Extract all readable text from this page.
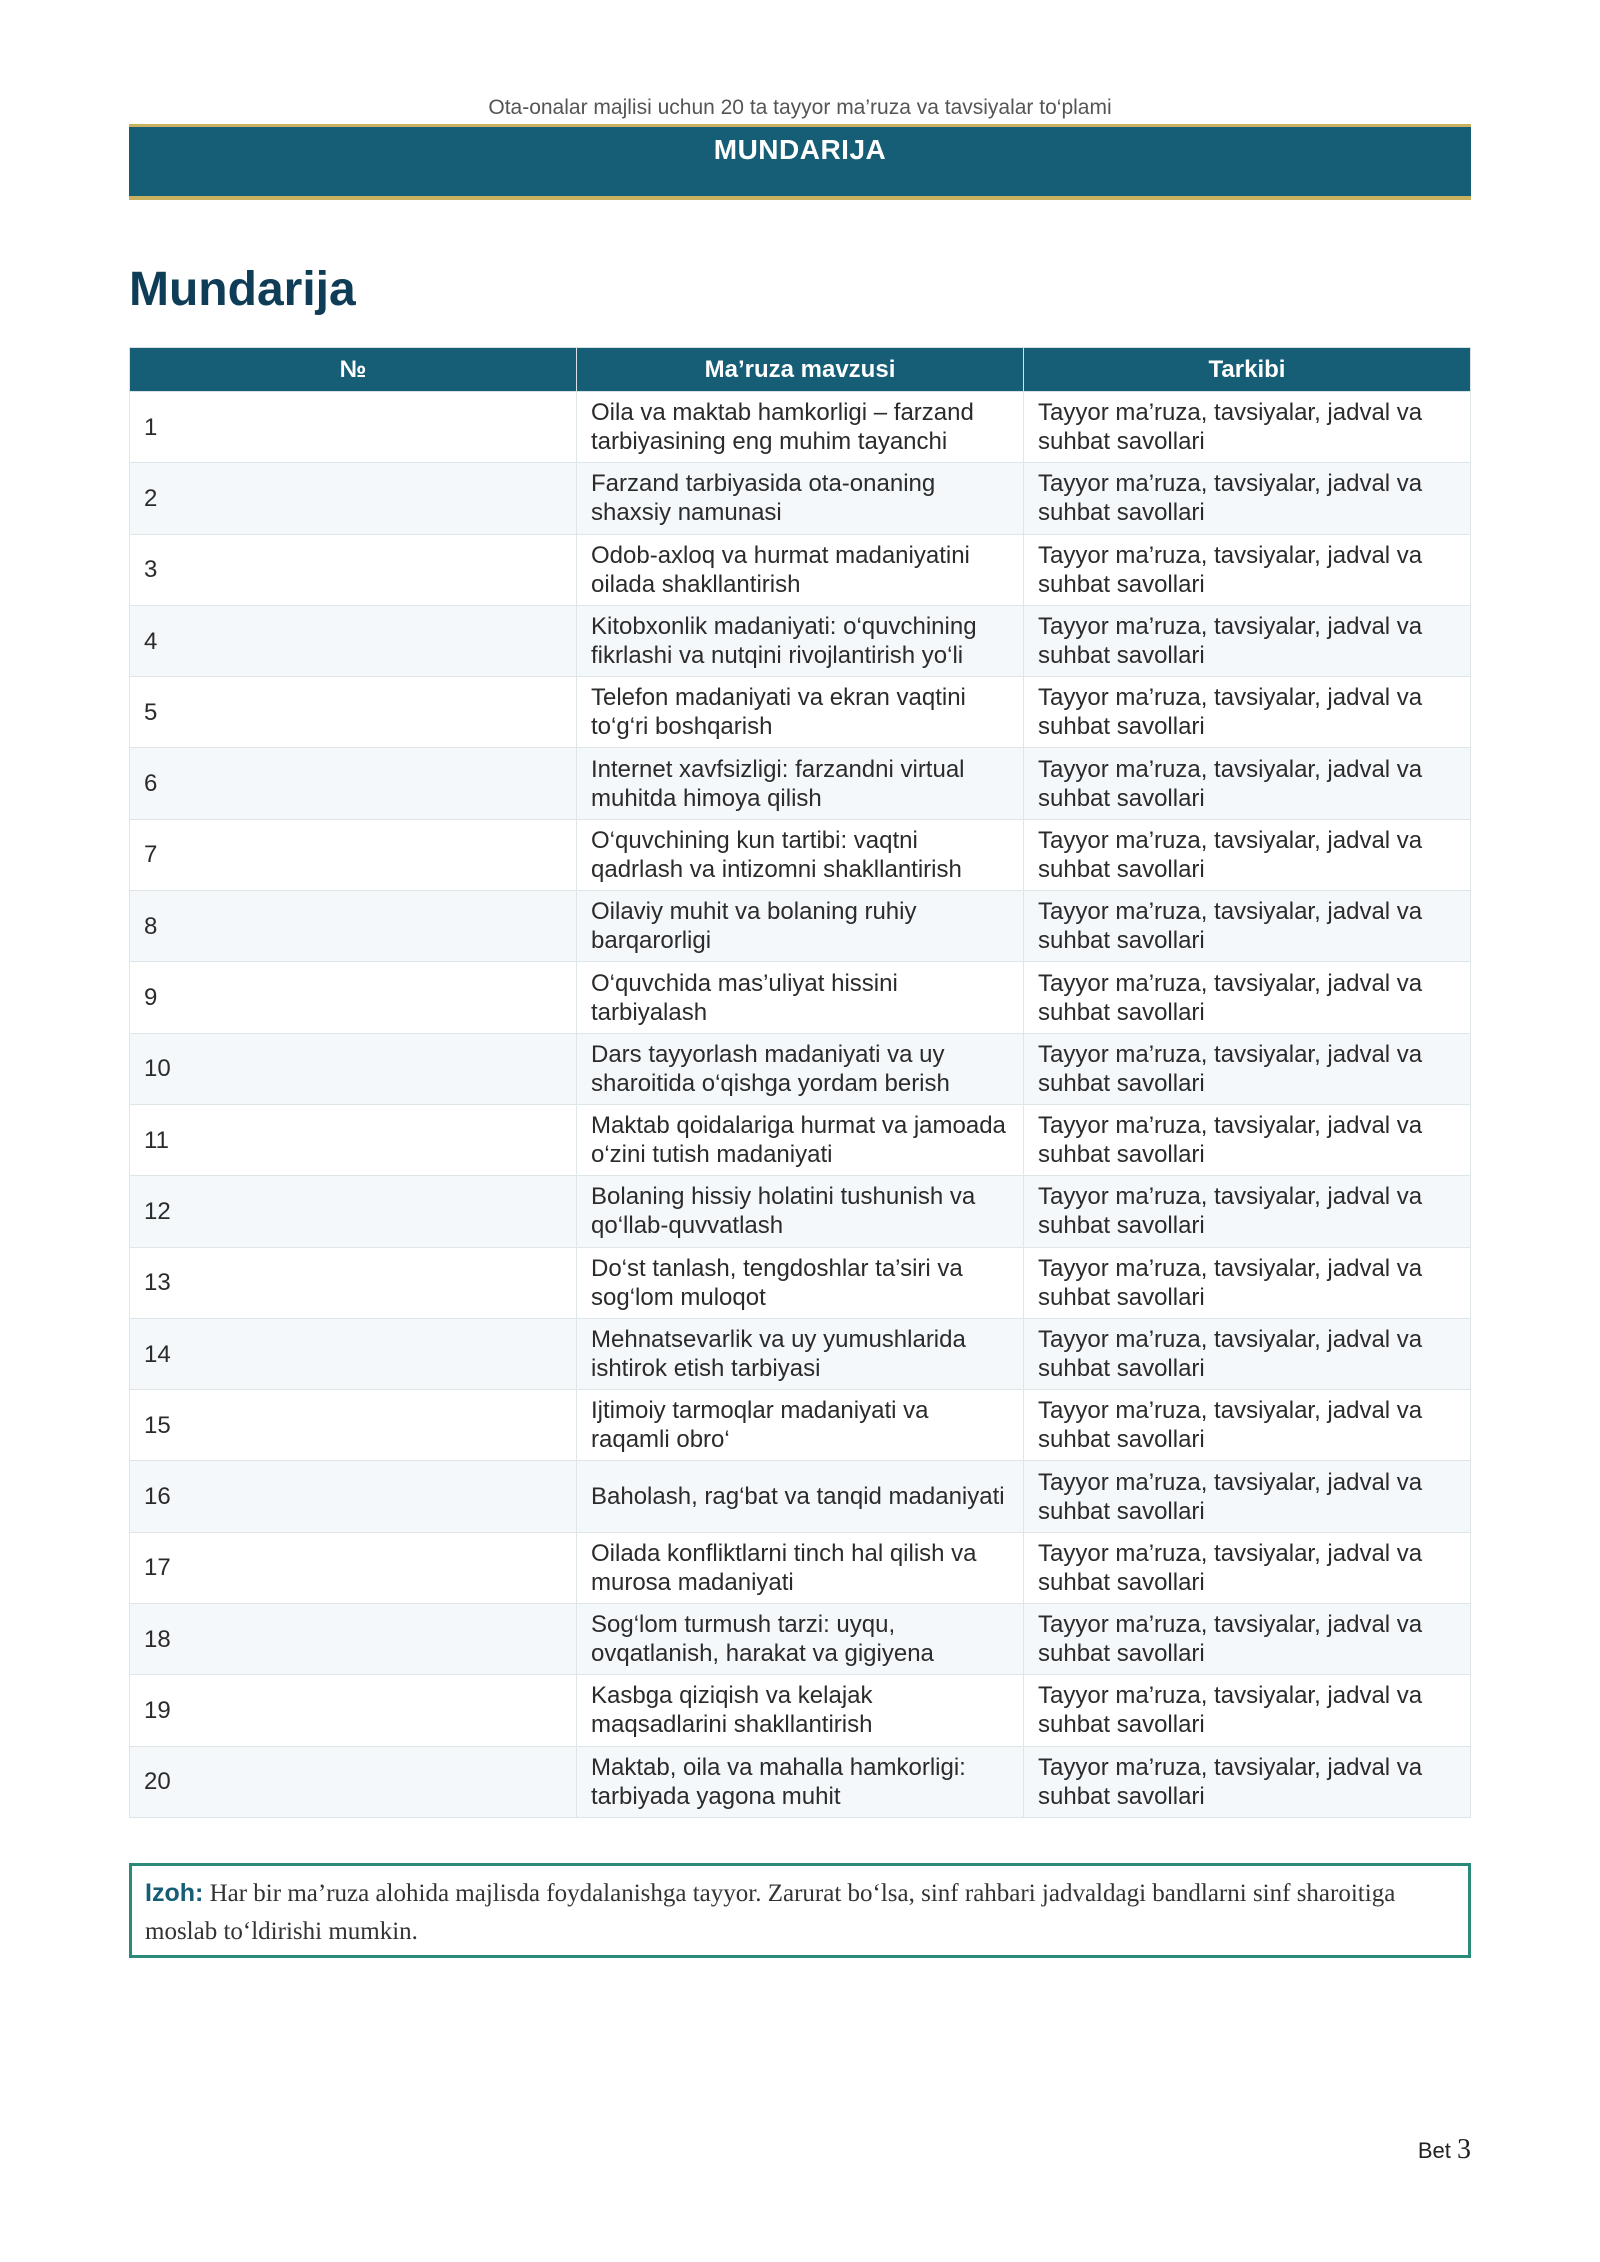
Ota-onalar majlisi uchun 20 ta tayyor ma’ruza va tavsiyalar to‘plami
MUNDARIJA
Mundarija
№	Ma’ruza mavzusi	Tarkibi
1	Oila va maktab hamkorligi – farzand tarbiyasining eng muhim tayanchi	Tayyor ma’ruza, tavsiyalar, jadval va suhbat savollari
2	Farzand tarbiyasida ota-onaning shaxsiy namunasi	Tayyor ma’ruza, tavsiyalar, jadval va suhbat savollari
3	Odob-axloq va hurmat madaniyatini oilada shakllantirish	Tayyor ma’ruza, tavsiyalar, jadval va suhbat savollari
4	Kitobxonlik madaniyati: o‘quvchining fikrlashi va nutqini rivojlantirish yo‘li	Tayyor ma’ruza, tavsiyalar, jadval va suhbat savollari
5	Telefon madaniyati va ekran vaqtini to‘g‘ri boshqarish	Tayyor ma’ruza, tavsiyalar, jadval va suhbat savollari
6	Internet xavfsizligi: farzandni virtual muhitda himoya qilish	Tayyor ma’ruza, tavsiyalar, jadval va suhbat savollari
7	O‘quvchining kun tartibi: vaqtni qadrlash va intizomni shakllantirish	Tayyor ma’ruza, tavsiyalar, jadval va suhbat savollari
8	Oilaviy muhit va bolaning ruhiy barqarorligi	Tayyor ma’ruza, tavsiyalar, jadval va suhbat savollari
9	O‘quvchida mas’uliyat hissini tarbiyalash	Tayyor ma’ruza, tavsiyalar, jadval va suhbat savollari
10	Dars tayyorlash madaniyati va uy sharoitida o‘qishga yordam berish	Tayyor ma’ruza, tavsiyalar, jadval va suhbat savollari
11	Maktab qoidalariga hurmat va jamoada o‘zini tutish madaniyati	Tayyor ma’ruza, tavsiyalar, jadval va suhbat savollari
12	Bolaning hissiy holatini tushunish va qo‘llab-quvvatlash	Tayyor ma’ruza, tavsiyalar, jadval va suhbat savollari
13	Do‘st tanlash, tengdoshlar ta’siri va sog‘lom muloqot	Tayyor ma’ruza, tavsiyalar, jadval va suhbat savollari
14	Mehnatsevarlik va uy yumushlarida ishtirok etish tarbiyasi	Tayyor ma’ruza, tavsiyalar, jadval va suhbat savollari
15	Ijtimoiy tarmoqlar madaniyati va raqamli obro‘	Tayyor ma’ruza, tavsiyalar, jadval va suhbat savollari
16	Baholash, rag‘bat va tanqid madaniyati	Tayyor ma’ruza, tavsiyalar, jadval va suhbat savollari
17	Oilada konfliktlarni tinch hal qilish va murosa madaniyati	Tayyor ma’ruza, tavsiyalar, jadval va suhbat savollari
18	Sog‘lom turmush tarzi: uyqu, ovqatlanish, harakat va gigiyena	Tayyor ma’ruza, tavsiyalar, jadval va suhbat savollari
19	Kasbga qiziqish va kelajak maqsadlarini shakllantirish	Tayyor ma’ruza, tavsiyalar, jadval va suhbat savollari
20	Maktab, oila va mahalla hamkorligi: tarbiyada yagona muhit	Tayyor ma’ruza, tavsiyalar, jadval va suhbat savollari
Izoh: Har bir ma’ruza alohida majlisda foydalanishga tayyor. Zarurat bo‘lsa, sinf rahbari jadvaldagi bandlarni sinf sharoitiga moslab to‘ldirishi mumkin.
Bet 3
